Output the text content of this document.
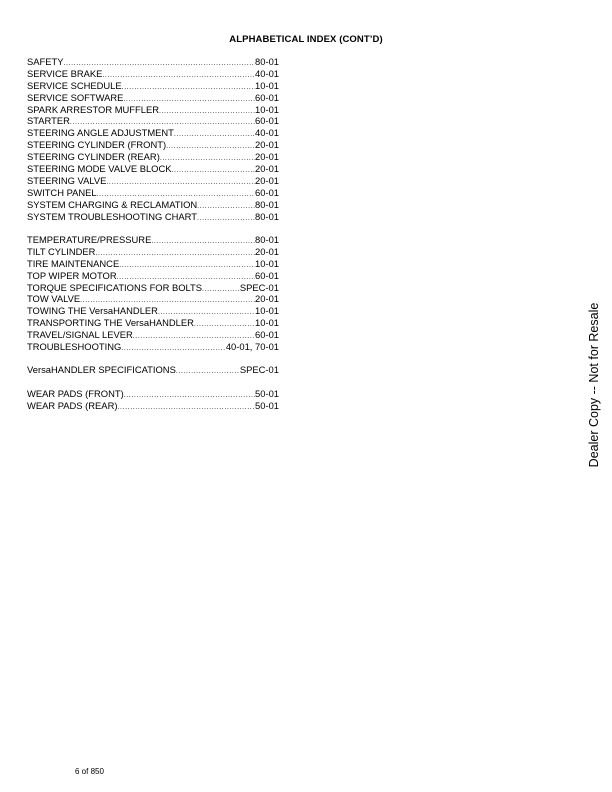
ALPHABETICAL INDEX (CONT’D)
SAFETY .....	80-01
SERVICE BRAKE .....	40-01
SERVICE SCHEDULE .....	10-01
SERVICE SOFTWARE .....	60-01
SPARK ARRESTOR MUFFLER .....	10-01
STARTER .....	60-01
STEERING ANGLE ADJUSTMENT .....	40-01
STEERING CYLINDER (FRONT) .....	20-01
STEERING CYLINDER (REAR) .....	20-01
STEERING MODE VALVE BLOCK .....	20-01
STEERING VALVE .....	20-01
SWITCH PANEL .....	60-01
SYSTEM CHARGING & RECLAMATION .....	80-01
SYSTEM TROUBLESHOOTING CHART .....	80-01
TEMPERATURE/PRESSURE .....	80-01
TILT CYLINDER .....	20-01
TIRE MAINTENANCE .....	10-01
TOP WIPER MOTOR .....	60-01
TORQUE SPECIFICATIONS FOR BOLTS .....	SPEC-01
TOW VALVE .....	20-01
TOWING THE VersaHANDLER .....	10-01
TRANSPORTING THE VersaHANDLER .....	10-01
TRAVEL/SIGNAL LEVER .....	60-01
TROUBLESHOOTING .....	40-01, 70-01
VersaHANDLER SPECIFICATIONS .....	SPEC-01
WEAR PADS (FRONT) .....	50-01
WEAR PADS (REAR) .....	50-01	Dealer Copy -- Not for Resale
6 of 850
